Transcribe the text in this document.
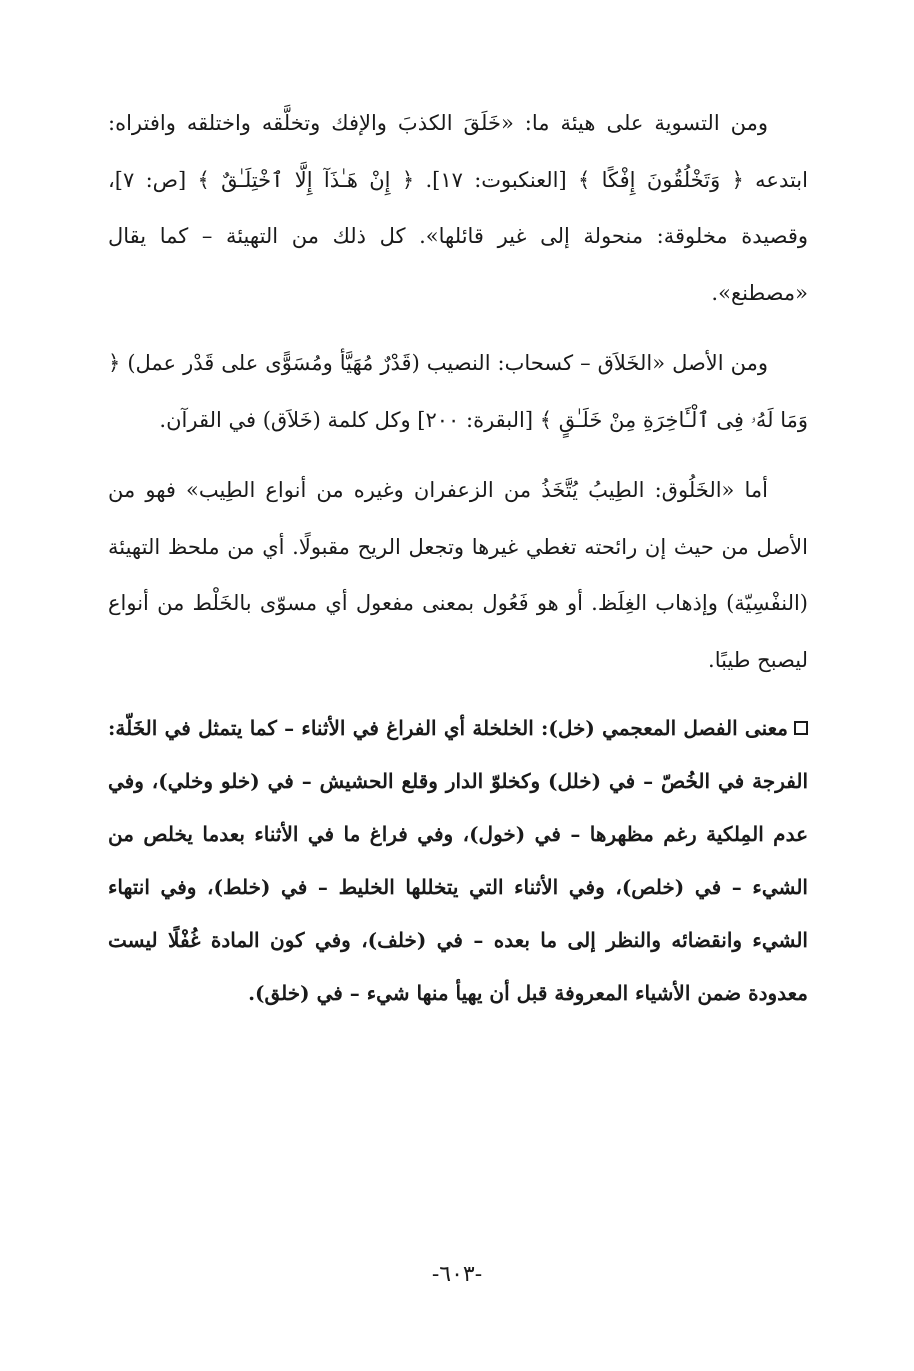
ومن التسوية على هيئة ما: «خَلَقَ الكذبَ والإفك وتخلَّقه واختلقه وافتراه: ابتدعه ﴿ وَتَخْلُقُونَ إِفْكًا ﴾ [العنكبوت: ١٧]. ﴿ إِنْ هَـٰذَآ إِلَّا ٱخْتِلَـٰقٌ ﴾ [ص: ٧]، وقصيدة مخلوقة: منحولة إلى غير قائلها». كل ذلك من التهيئة – كما يقال «مصطنع».

ومن الأصل «الخَلاَق – كسحاب: النصيب (قَدْرٌ مُهَيَّأ ومُسَوًّى على قَدْر عمل) ﴿ وَمَا لَهُۥ فِى ٱلْـَٔاخِرَةِ مِنْ خَلَـٰقٍ ﴾ [البقرة: ٢٠٠] وكل كلمة (خَلاَق) في القرآن.

أما «الخَلُوق: الطِيبُ يُتَّخَذُ من الزعفران وغيره من أنواع الطِيب» فهو من الأصل من حيث إن رائحته تغطي غيرها وتجعل الريح مقبولًا. أي من ملحظ التهيئة (النفْسِيّة) وإذهاب الغِلَظ. أو هو فَعُول بمعنى مفعول أي مسوّى بالخَلْط من أنواع ليصبح طيبًا.

معنى الفصل المعجمي (خل): الخلخلة أي الفراغ في الأثناء – كما يتمثل في الخَلّة: الفرجة في الخُصّ – في (خلل) وكخلوّ الدار وقلع الحشيش – في (خلو وخلي)، وفي عدم المِلكية رغم مظهرها – في (خول)، وفي فراغ ما في الأثناء بعدما يخلص من الشيء – في (خلص)، وفي الأثناء التي يتخللها الخليط – في (خلط)، وفي انتهاء الشيء وانقضائه والنظر إلى ما بعده – في (خلف)، وفي كون المادة غُفْلًا ليست معدودة ضمن الأشياء المعروفة قبل أن يهيأ منها شيء – في (خلق).

-٦٠٣-
